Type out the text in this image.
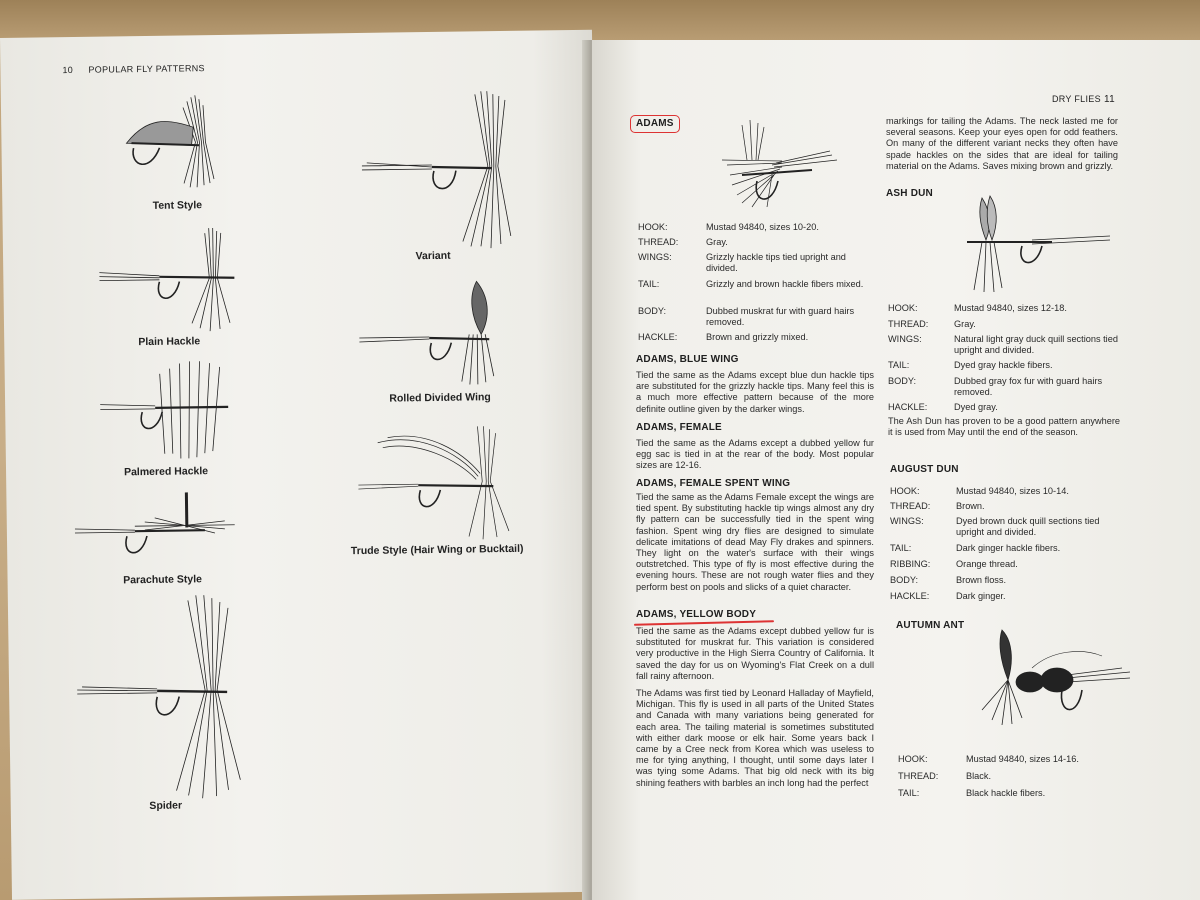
10 POPULAR FLY PATTERNS
Tent Style
Variant
Plain Hackle
Rolled Divided Wing
Palmered Hackle
Trude Style (Hair Wing or Bucktail)
Parachute Style
Spider
DRY FLIES 11
ADAMS
HOOK:	Mustad 94840, sizes 10-20.
THREAD:	Gray.
WINGS:	Grizzly hackle tips tied upright and divided.
TAIL:	Grizzly and brown hackle fibers mixed.
BODY:	Dubbed muskrat fur with guard hairs removed.
HACKLE:	Brown and grizzly mixed.
ADAMS, BLUE WING
Tied the same as the Adams except blue dun hackle tips are substituted for the grizzly hackle tips. Many feel this is a much more effective pattern because of the more definite outline given by the darker wings.
ADAMS, FEMALE
Tied the same as the Adams except a dubbed yellow fur egg sac is tied in at the rear of the body. Most popular sizes are 12-16.
ADAMS, FEMALE SPENT WING
Tied the same as the Adams Female except the wings are tied spent. By substituting hackle tip wings almost any dry fly pattern can be successfully tied in the spent wing fashion. Spent wing dry flies are designed to simulate delicate imitations of dead May Fly drakes and spinners. They light on the water's surface with their wings outstretched. This type of fly is most effective during the evening hours. These are not rough water flies and they perform best on pools and slicks of a quiet character.
ADAMS, YELLOW BODY
Tied the same as the Adams except dubbed yellow fur is substituted for muskrat fur. This variation is considered very productive in the High Sierra Country of California. It saved the day for us on Wyoming's Flat Creek on a dull fall rainy afternoon.
The Adams was first tied by Leonard Halladay of Mayfield, Michigan. This fly is used in all parts of the United States and Canada with many variations being generated for each area. The tailing material is sometimes substituted with either dark moose or elk hair. Some years back I came by a Cree neck from Korea which was useless to me for tying anything, I thought, until some days later I was tying some Adams. That big old neck with its big shining feathers with barbles an inch long had the perfect
markings for tailing the Adams. The neck lasted me for several seasons. Keep your eyes open for odd feathers. On many of the different variant necks they often have spade hackles on the sides that are ideal for tailing material on the Adams. Saves mixing brown and grizzly.
ASH DUN
HOOK:	Mustad 94840, sizes 12-18.
THREAD:	Gray.
WINGS:	Natural light gray duck quill sections tied upright and divided.
TAIL:	Dyed gray hackle fibers.
BODY:	Dubbed gray fox fur with guard hairs removed.
HACKLE:	Dyed gray.
The Ash Dun has proven to be a good pattern anywhere it is used from May until the end of the season.
AUGUST DUN
HOOK:	Mustad 94840, sizes 10-14.
THREAD:	Brown.
WINGS:	Dyed brown duck quill sections tied upright and divided.
TAIL:	Dark ginger hackle fibers.
RIBBING:	Orange thread.
BODY:	Brown floss.
HACKLE:	Dark ginger.
AUTUMN ANT
HOOK:	Mustad 94840, sizes 14-16.
THREAD:	Black.
TAIL:	Black hackle fibers.
